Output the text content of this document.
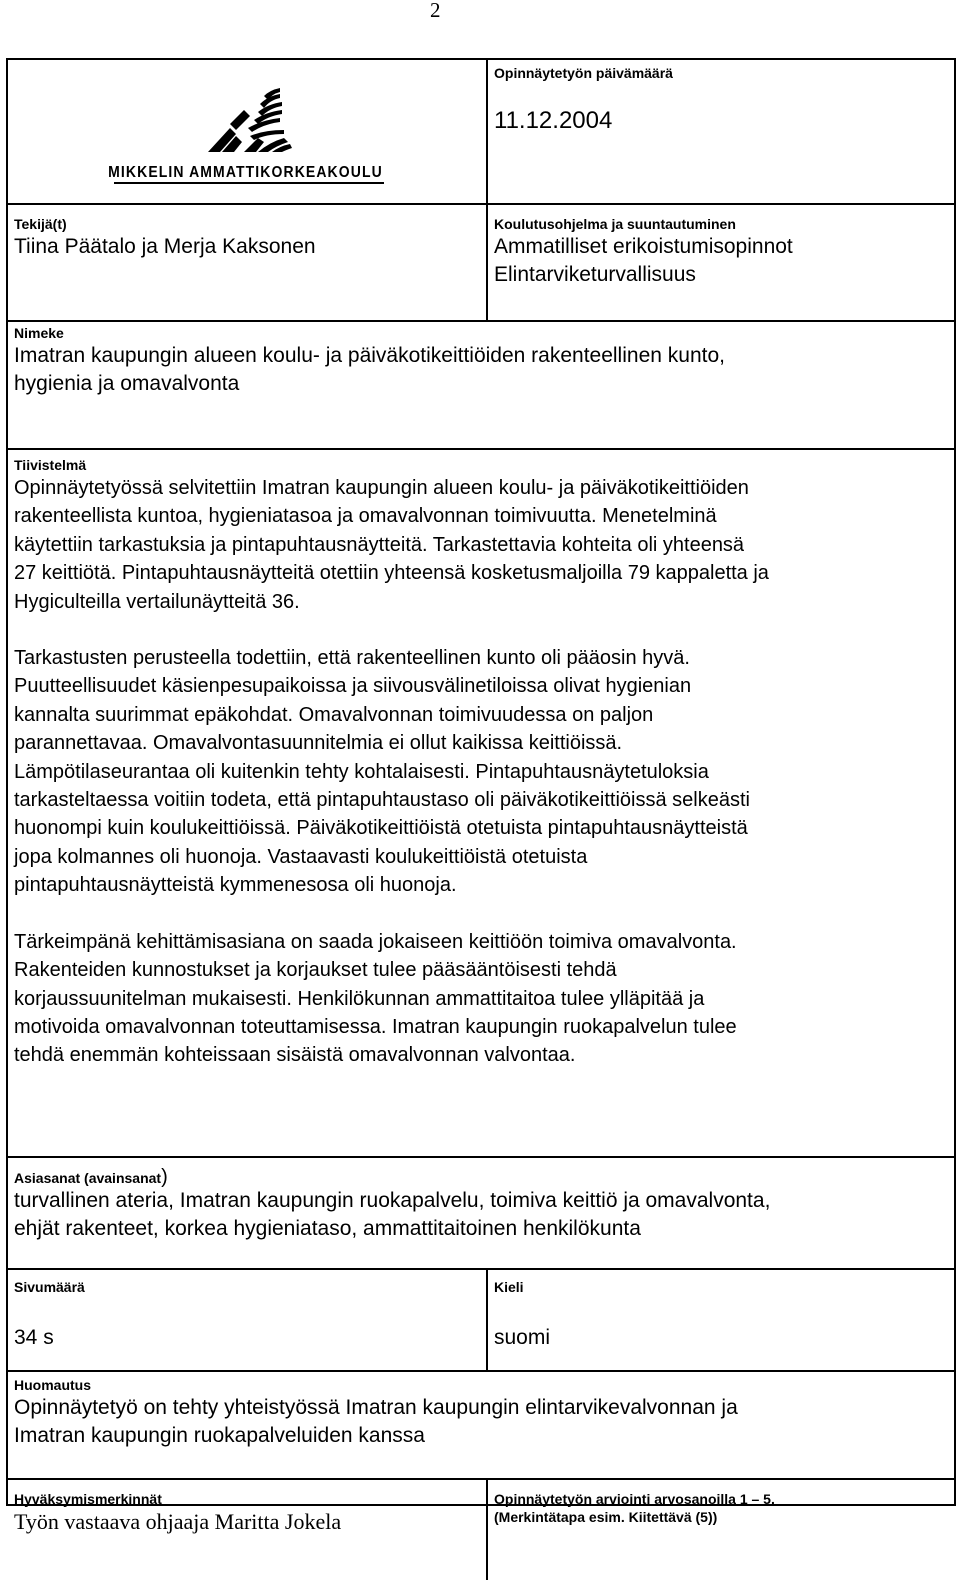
2
MIKKELIN AMMATTIKORKEAKOULU

Opinnäytetyön päivämäärä

11.12.2004

Tekijä(t)

Tiina Päätalo ja Merja Kaksonen

Koulutusohjelma ja suuntautuminen

Ammatilliset erikoistumisopinnot

Elintarviketurvallisuus

Nimeke

Imatran kaupungin alueen koulu- ja päiväkotikeittiöiden rakenteellinen kunto,

hygienia ja omavalvonta

Tiivistelmä

Opinnäytetyössä selvitettiin Imatran kaupungin alueen koulu- ja päiväkotikeittiöiden

rakenteellista kuntoa, hygieniatasoa ja omavalvonnan toimivuutta. Menetelminä

käytettiin tarkastuksia ja pintapuhtausnäytteitä. Tarkastettavia kohteita oli yhteensä

27 keittiötä. Pintapuhtausnäytteitä otettiin yhteensä kosketusmaljoilla 79 kappaletta ja

Hygiculteilla vertailunäytteitä 36.

Tarkastusten perusteella todettiin, että rakenteellinen kunto oli pääosin hyvä.

Puutteellisuudet käsienpesupaikoissa ja siivousvälinetiloissa olivat hygienian

kannalta suurimmat epäkohdat. Omavalvonnan toimivuudessa on paljon

parannettavaa. Omavalvontasuunnitelmia ei ollut kaikissa keittiöissä.

Lämpötilaseurantaa oli kuitenkin tehty kohtalaisesti. Pintapuhtausnäytetuloksia

tarkasteltaessa voitiin todeta, että pintapuhtaustaso oli päiväkotikeittiöissä selkeästi

huonompi kuin koulukeittiöissä. Päiväkotikeittiöistä otetuista pintapuhtausnäytteistä

jopa kolmannes oli huonoja. Vastaavasti koulukeittiöistä otetuista

pintapuhtausnäytteistä kymmenesosa oli huonoja.

Tärkeimpänä kehittämisasiana on saada jokaiseen keittiöön toimiva omavalvonta.

Rakenteiden kunnostukset ja korjaukset tulee pääsääntöisesti tehdä

korjaussuunitelman mukaisesti. Henkilökunnan ammattitaitoa tulee ylläpitää ja

motivoida omavalvonnan toteuttamisessa. Imatran kaupungin ruokapalvelun tulee

tehdä enemmän kohteissaan sisäistä omavalvonnan valvontaa.

Asiasanat (avainsanat)

turvallinen ateria, Imatran kaupungin ruokapalvelu, toimiva keittiö ja omavalvonta,

ehjät rakenteet, korkea hygieniataso, ammattitaitoinen henkilökunta

Sivumäärä

34 s

Kieli

suomi

Huomautus

Opinnäytetyö on tehty yhteistyössä Imatran kaupungin elintarvikevalvonnan ja

Imatran kaupungin ruokapalveluiden kanssa

Hyväksymismerkinnät

Työn vastaava ohjaaja Maritta Jokela

Opinnäytetyön arviointi arvosanoilla 1 – 5.

(Merkintätapa esim. Kiitettävä (5))
